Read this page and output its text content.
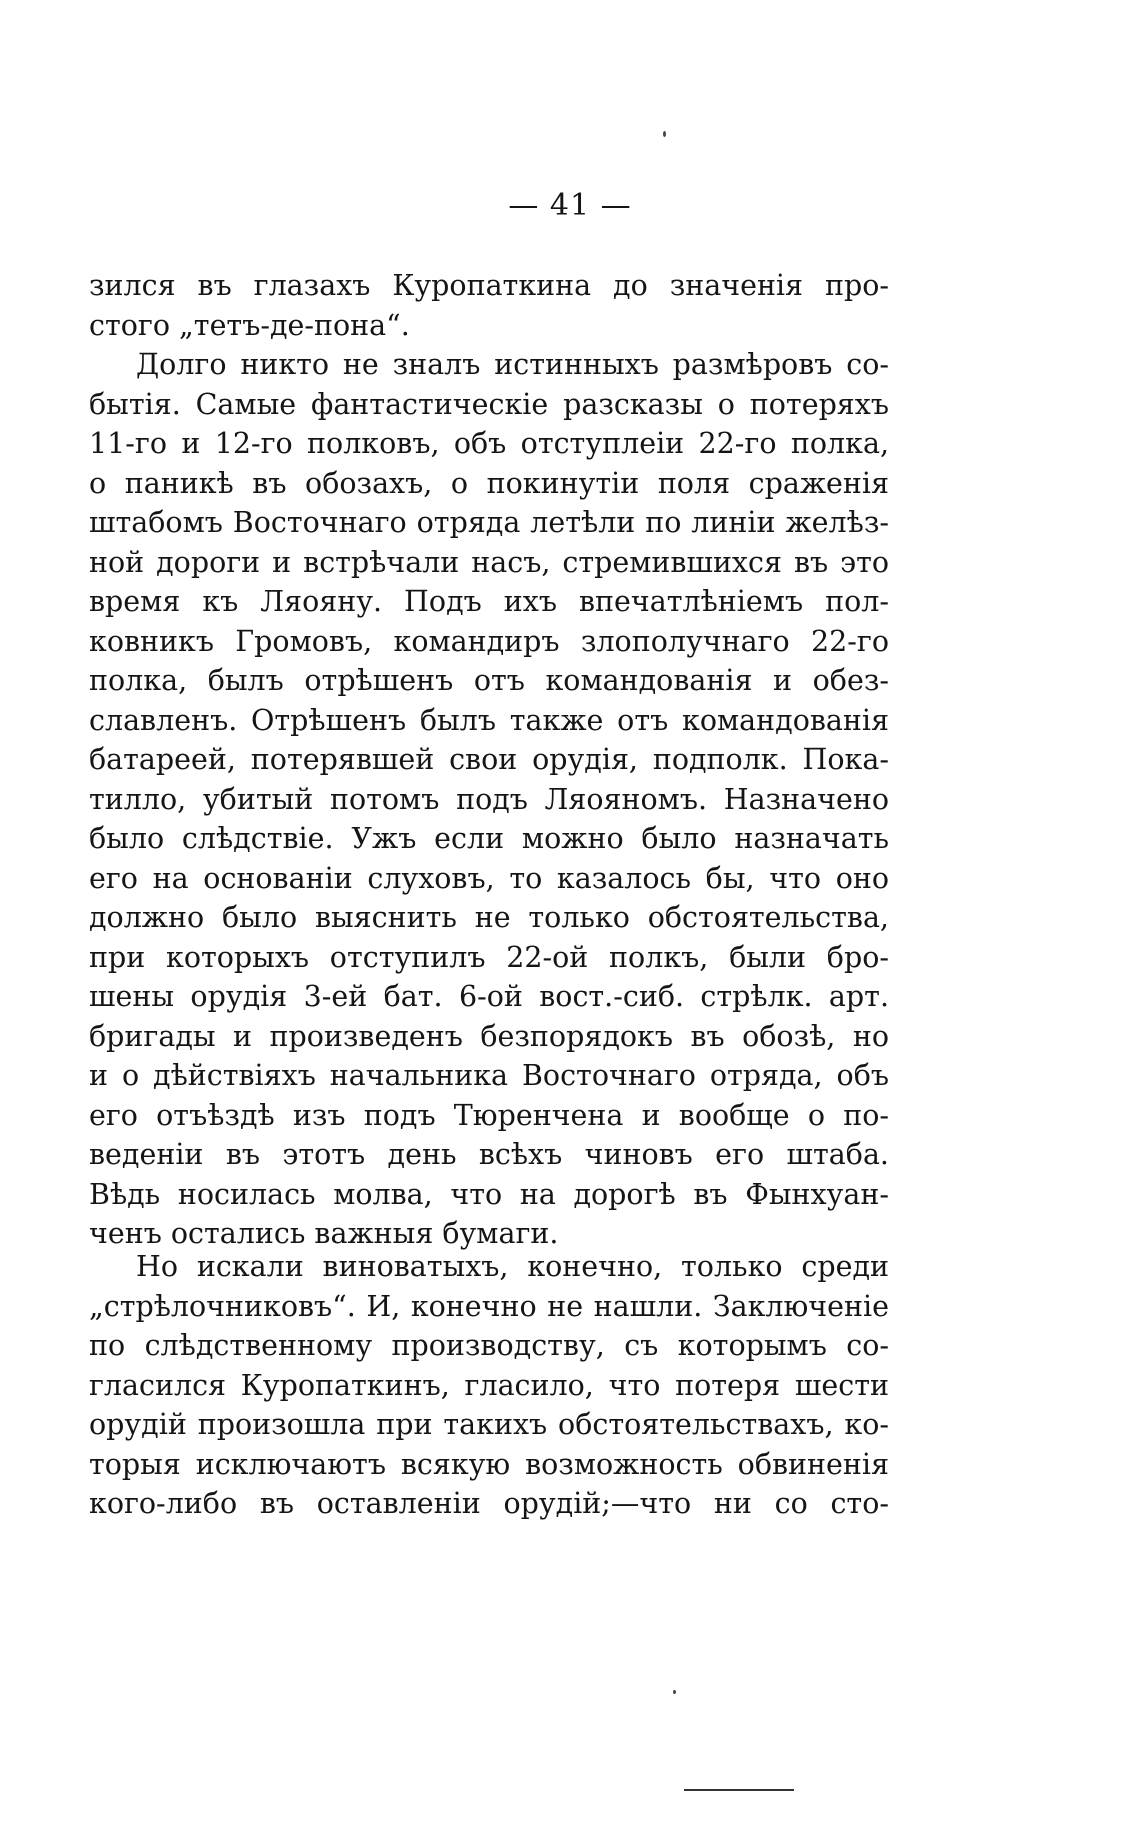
— 41 —
зился въ глазахъ Куропаткина до значенія про-
стого „тетъ-де-пона“.
Долго никто не зналъ истинныхъ размѣровъ со-
бытія. Самые фантастическіе разсказы о потеряхъ
11-го и 12-го полковъ, объ отступлеіи 22-го полка,
о паникѣ въ обозахъ, о покинутіи поля сраженія
штабомъ Восточнаго отряда летѣли по линіи желѣз-
ной дороги и встрѣчали насъ, стремившихся въ это
время къ Ляояну. Подъ ихъ впечатлѣніемъ пол-
ковникъ Громовъ, командиръ злополучнаго 22-го
полка, былъ отрѣшенъ отъ командованія и обез-
славленъ. Отрѣшенъ былъ также отъ командованія
батареей, потерявшей свои орудія, подполк. Пока-
тилло, убитый потомъ подъ Ляояномъ. Назначено
было слѣдствіе. Ужъ если можно было назначать
его на основаніи слуховъ, то казалось бы, что оно
должно было выяснить не только обстоятельства,
при которыхъ отступилъ 22-ой полкъ, были бро-
шены орудія 3-ей бат. 6-ой вост.-сиб. стрѣлк. арт.
бригады и произведенъ безпорядокъ въ обозѣ, но
и о дѣйствіяхъ начальника Восточнаго отряда, объ
его отъѣздѣ изъ подъ Тюренчена и вообще о по-
веденіи въ этотъ день всѣхъ чиновъ его штаба.
Вѣдь носилась молва, что на дорогѣ въ Фынхуан-
ченъ остались важныя бумаги.
Но искали виноватыхъ, конечно, только среди
„стрѣлочниковъ“. И, конечно не нашли. Заключеніе
по слѣдственному производству, съ которымъ со-
гласился Куропаткинъ, гласило, что потеря шести
орудій произошла при такихъ обстоятельствахъ, ко-
торыя исключаютъ всякую возможность обвиненія
кого-либо въ оставленіи орудій;—что ни со сто-
